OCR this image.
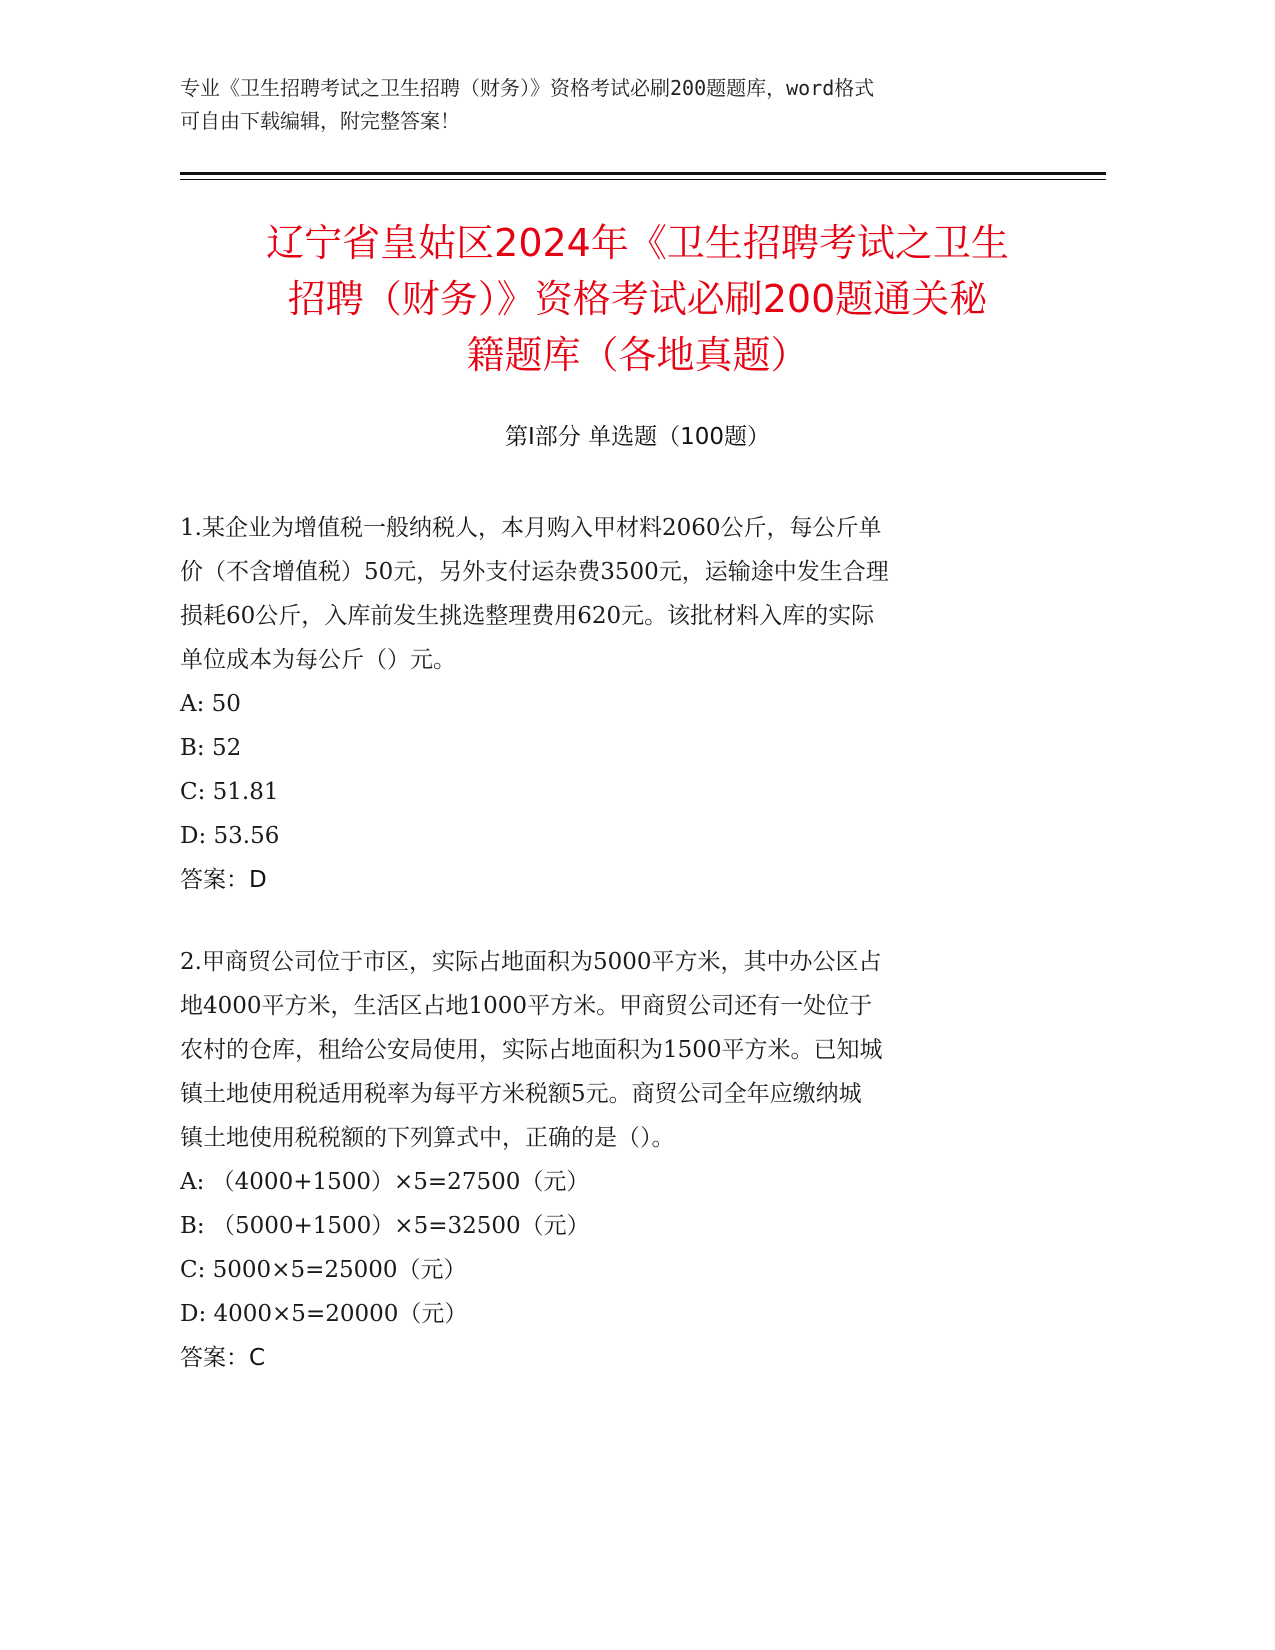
专业《卫生招聘考试之卫生招聘（财务）》资格考试必刷200题题库，word格式
可自由下载编辑，附完整答案！
辽宁省皇姑区2024年《卫生招聘考试之卫生
招聘（财务）》资格考试必刷200题通关秘
籍题库（各地真题）
第Ⅰ部分 单选题（100题）
1.某企业为增值税一般纳税人，本月购入甲材料2060公斤，每公斤单
价（不含增值税）50元，另外支付运杂费3500元，运输途中发生合理
损耗60公斤，入库前发生挑选整理费用620元。该批材料入库的实际
单位成本为每公斤（）元。
A: 50
B: 52
C: 51.81
D: 53.56
答案：D
2.甲商贸公司位于市区，实际占地面积为5000平方米，其中办公区占
地4000平方米，生活区占地1000平方米。甲商贸公司还有一处位于
农村的仓库，租给公安局使用，实际占地面积为1500平方米。已知城
镇土地使用税适用税率为每平方米税额5元。商贸公司全年应缴纳城
镇土地使用税税额的下列算式中，正确的是（）。
A: （4000+1500）×5=27500（元）
B: （5000+1500）×5=32500（元）
C: 5000×5=25000（元）
D: 4000×5=20000（元）
答案：C
